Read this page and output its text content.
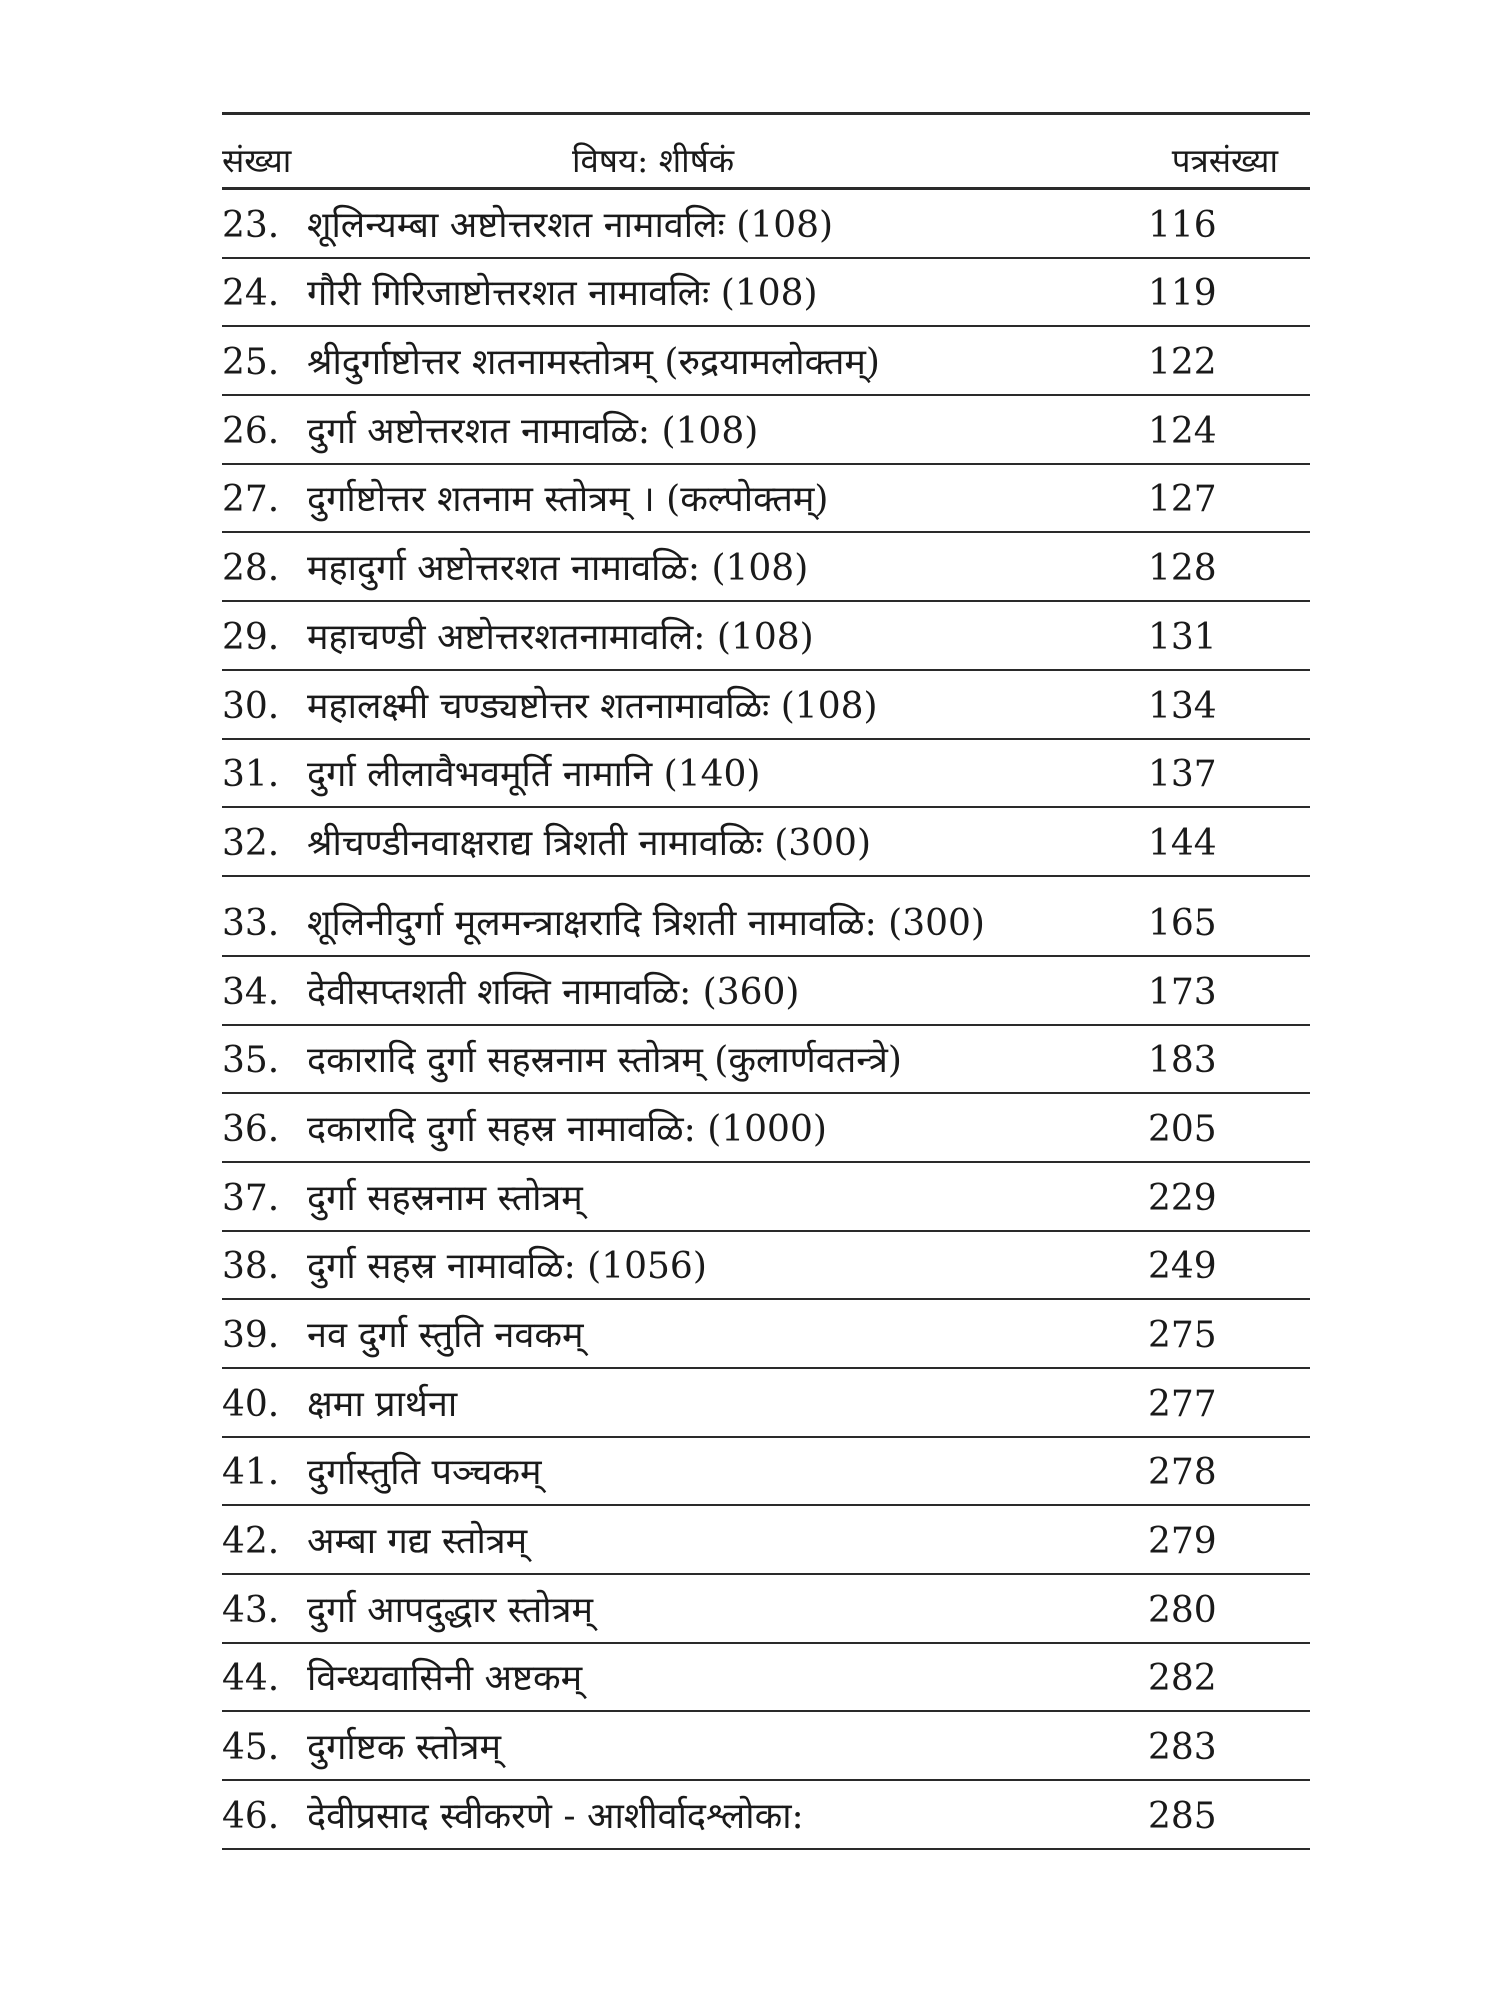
संख्या	विषय: शीर्षकं	पत्रसंख्या
23. शूलिन्यम्बा अष्टोत्तरशत नामावलिः (108)	116
24. गौरी गिरिजाष्टोत्तरशत नामावलिः (108)	119
25. श्रीदुर्गाष्टोत्तर शतनामस्तोत्रम् (रुद्रयामलोक्तम्)	122
26. दुर्गा अष्टोत्तरशत नामावळि: (108)	124
27. दुर्गाष्टोत्तर शतनाम स्तोत्रम् । (कल्पोक्तम्)	127
28. महादुर्गा अष्टोत्तरशत नामावळि: (108)	128
29. महाचण्डी अष्टोत्तरशतनामावलि: (108)	131
30. महालक्ष्मी चण्ड्यष्टोत्तर शतनामावळिः (108)	134
31. दुर्गा लीलावैभवमूर्ति नामानि (140)	137
32. श्रीचण्डीनवाक्षराद्य त्रिशती नामावळिः (300)	144
33. शूलिनीदुर्गा मूलमन्त्राक्षरादि त्रिशती नामावळि: (300)	165
34. देवीसप्तशती शक्ति नामावळि: (360)	173
35. दकारादि दुर्गा सहस्रनाम स्तोत्रम् (कुलार्णवतन्त्रे)	183
36. दकारादि दुर्गा सहस्र नामावळि: (1000)	205
37. दुर्गा सहस्रनाम स्तोत्रम्	229
38. दुर्गा सहस्र नामावळि: (1056)	249
39. नव दुर्गा स्तुति नवकम्	275
40. क्षमा प्रार्थना	277
41. दुर्गास्तुति पञ्चकम्	278
42. अम्बा गद्य स्तोत्रम्	279
43. दुर्गा आपदुद्धार स्तोत्रम्	280
44. विन्ध्यवासिनी अष्टकम्	282
45. दुर्गाष्टक स्तोत्रम्	283
46. देवीप्रसाद स्वीकरणे - आशीर्वादश्लोका:	285
